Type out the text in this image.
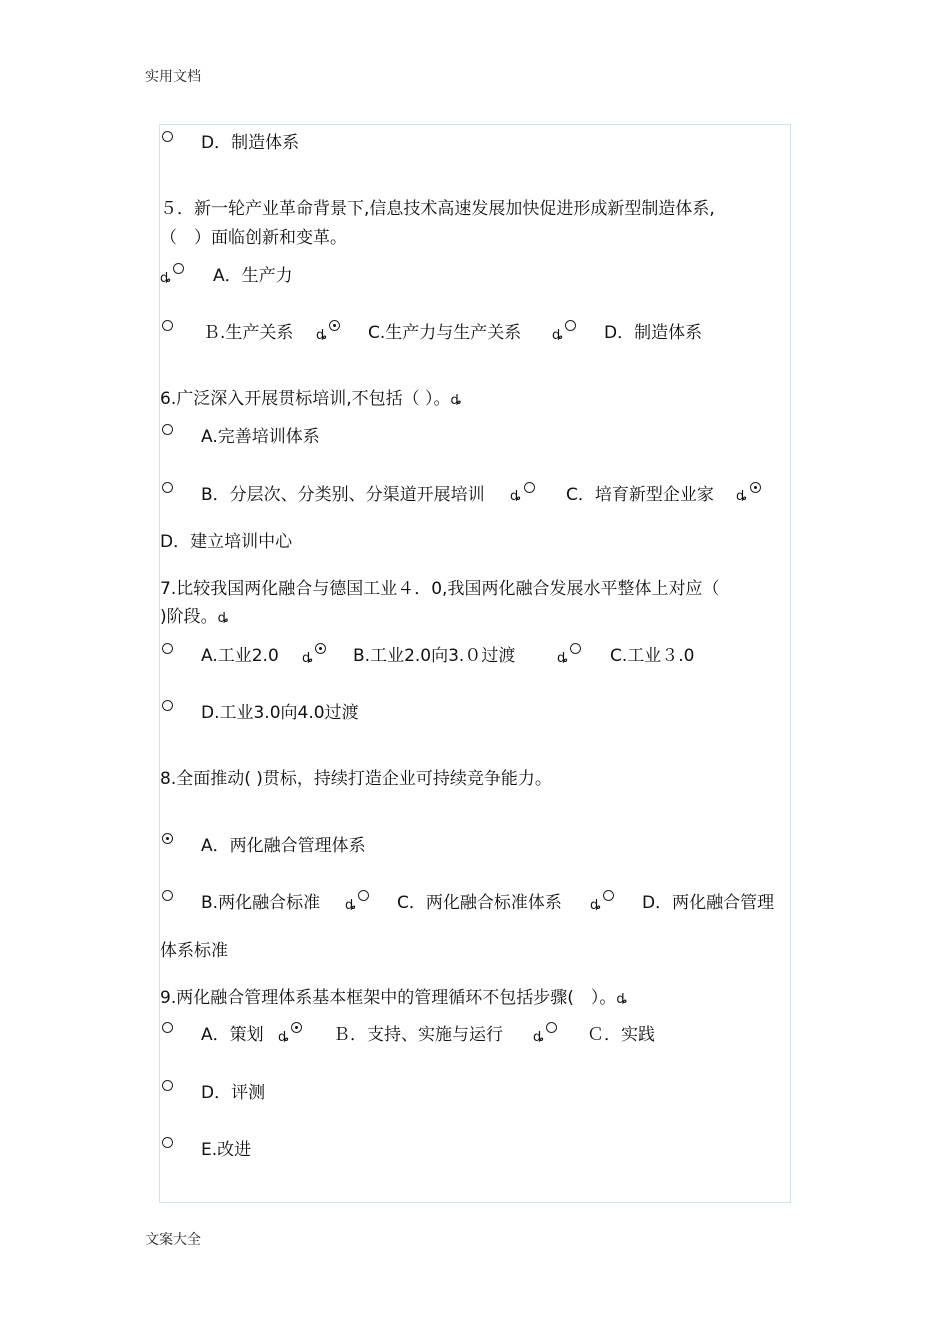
实用文档
D．制造体系
５．新一轮产业革命背景下,信息技术高速发展加快促进形成新型制造体系,
（　）面临创新和变革。
ȡ A．生产力
Ｂ.生产关系 ȡ C.生产力与生产关系 ȡ D．制造体系
6.广泛深入开展贯标培训,不包括（ ）。ȡ
A.完善培训体系
B．分层次、分类别、分渠道开展培训 ȡ	C．培育新型企业家 ȡ
D．建立培训中心
7.比较我国两化融合与德国工业４．0,我国两化融合发展水平整体上对应（
)阶段。ȡ
A.工业2.0 ȡ B.工业2.0向3.０过渡	ȡ C.工业３.0
D.工业3.0向4.0过渡
8.全面推动( )贯标，持续打造企业可持续竞争能力。
A．两化融合管理体系
B.两化融合标准 ȡ C．两化融合标准体系 ȡ D．两化融合管理
体系标准
9.两化融合管理体系基本框架中的管理循环不包括步骤(　）。ȡ
A．策划 ȡ	Ｂ．支持、实施与运行 ȡ	Ｃ．实践
D．评测
E.改进
文案大全
